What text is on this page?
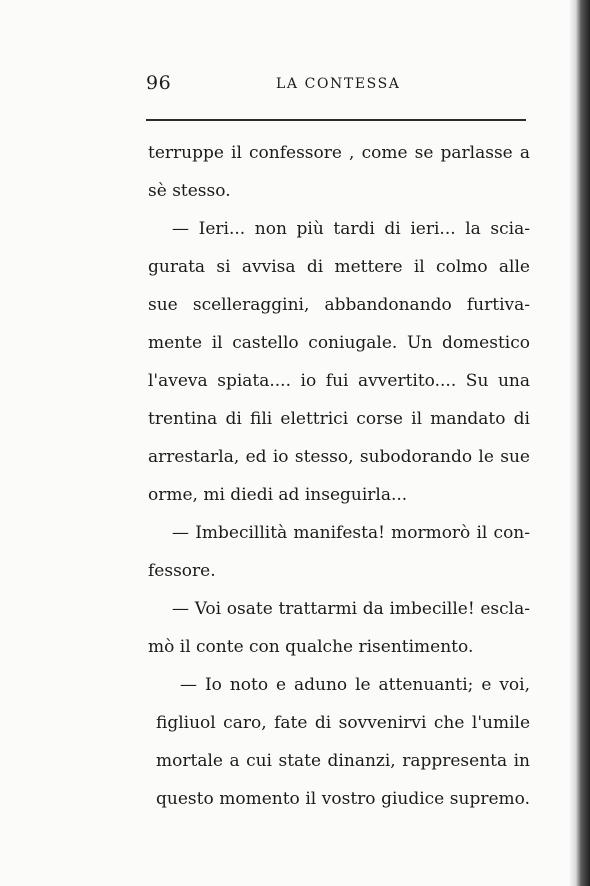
96	LA CONTESSA
terruppe il confessore , come se parlasse a
sè stesso.
— Ieri... non più tardi di ieri... la scia-
gurata si avvisa di mettere il colmo alle
sue scelleraggini, abbandonando furtiva-
mente il castello coniugale. Un domestico
l'aveva spiata.... io fui avvertito.... Su una
trentina di fili elettrici corse il mandato di
arrestarla, ed io stesso, subodorando le sue
orme, mi diedi ad inseguirla...
— Imbecillità manifesta! mormorò il con-
fessore.
— Voi osate trattarmi da imbecille! escla-
mò il conte con qualche risentimento.
— Io noto e aduno le attenuanti; e voi,
figliuol caro, fate di sovvenirvi che l'umile
mortale a cui state dinanzi, rappresenta in
questo momento il vostro giudice supremo.
